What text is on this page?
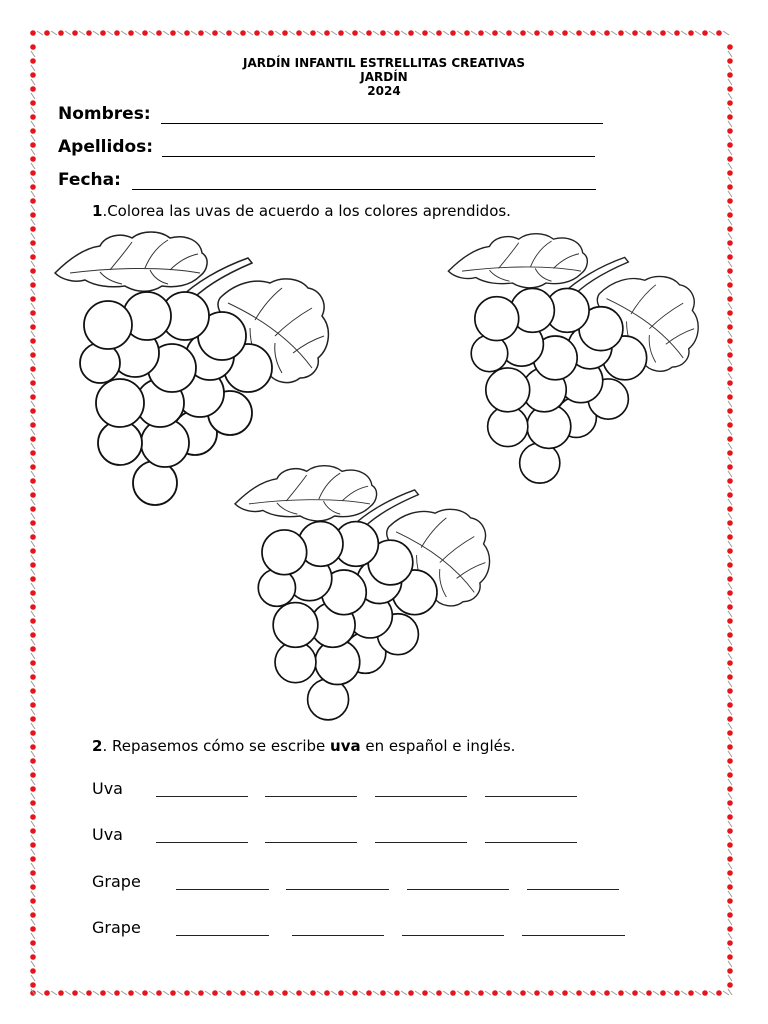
JARDÍN INFANTIL ESTRELLITAS CREATIVAS
JARDÍN
2024
Nombres:
Apellidos:
Fecha:
1.Colorea las uvas de acuerdo a los colores aprendidos.
2. Repasemos cómo se escribe uva en español e inglés.
Uva
Uva
Grape
Grape
